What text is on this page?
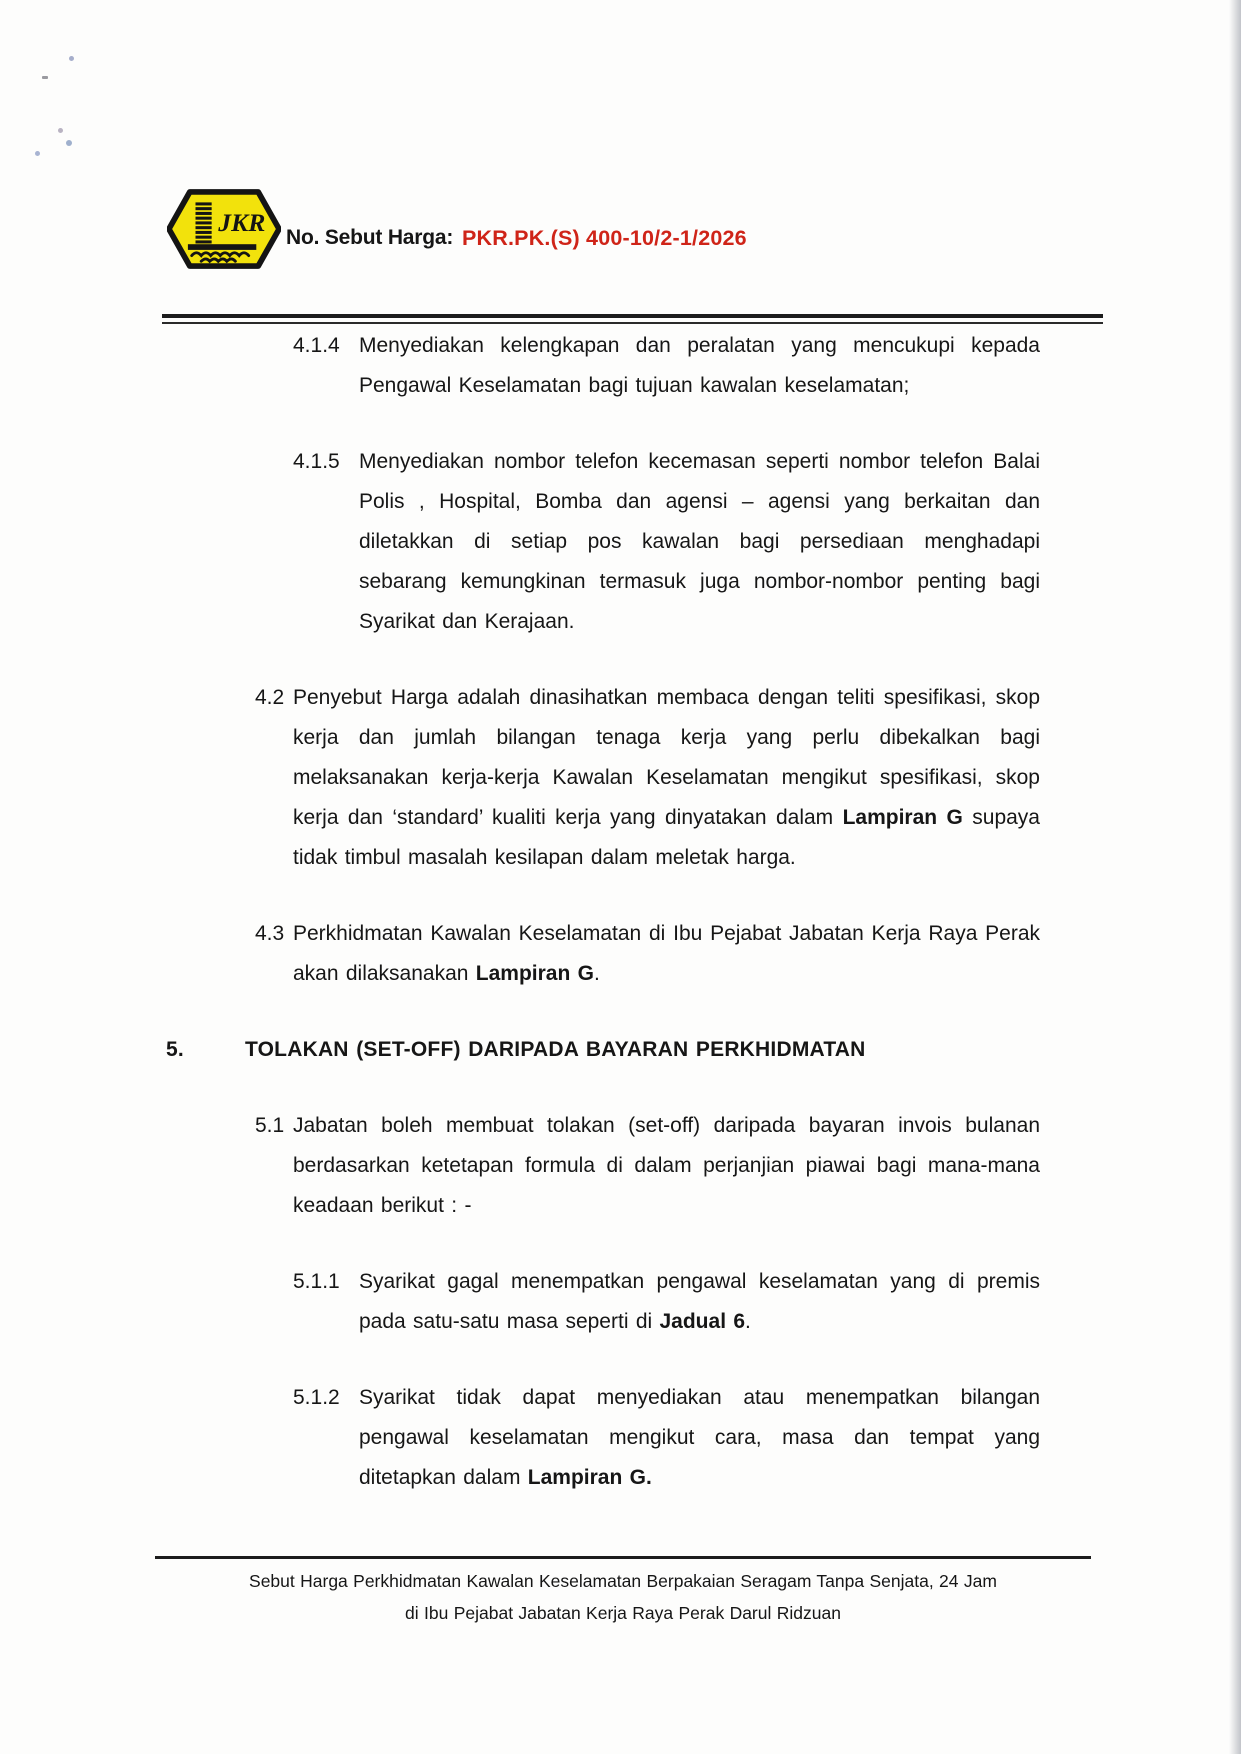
JKR
No. Sebut Harga: PKR.PK.(S) 400-10/2-1/2026
4.1.4 Menyediakan kelengkapan dan peralatan yang mencukupi kepada Pengawal Keselamatan bagi tujuan kawalan keselamatan;
4.1.5 Menyediakan nombor telefon kecemasan seperti nombor telefon Balai Polis , Hospital, Bomba dan agensi – agensi yang berkaitan dan diletakkan di setiap pos kawalan bagi persediaan menghadapi sebarang kemungkinan termasuk juga nombor-nombor penting bagi Syarikat dan Kerajaan.
4.2 Penyebut Harga adalah dinasihatkan membaca dengan teliti spesifikasi, skop kerja dan jumlah bilangan tenaga kerja yang perlu dibekalkan bagi melaksanakan kerja-kerja Kawalan Keselamatan mengikut spesifikasi, skop kerja dan ‘standard’ kualiti kerja yang dinyatakan dalam Lampiran G supaya tidak timbul masalah kesilapan dalam meletak harga.
4.3 Perkhidmatan Kawalan Keselamatan di Ibu Pejabat Jabatan Kerja Raya Perak akan dilaksanakan Lampiran G.
5.	TOLAKAN (SET-OFF) DARIPADA BAYARAN PERKHIDMATAN
5.1 Jabatan boleh membuat tolakan (set-off) daripada bayaran invois bulanan berdasarkan ketetapan formula di dalam perjanjian piawai bagi mana-mana keadaan berikut : -
5.1.1 Syarikat gagal menempatkan pengawal keselamatan yang di premis pada satu-satu masa seperti di Jadual 6.
5.1.2 Syarikat tidak dapat menyediakan atau menempatkan bilangan pengawal keselamatan mengikut cara, masa dan tempat yang ditetapkan dalam Lampiran G.
Sebut Harga Perkhidmatan Kawalan Keselamatan Berpakaian Seragam Tanpa Senjata, 24 Jam
di Ibu Pejabat Jabatan Kerja Raya Perak Darul Ridzuan
